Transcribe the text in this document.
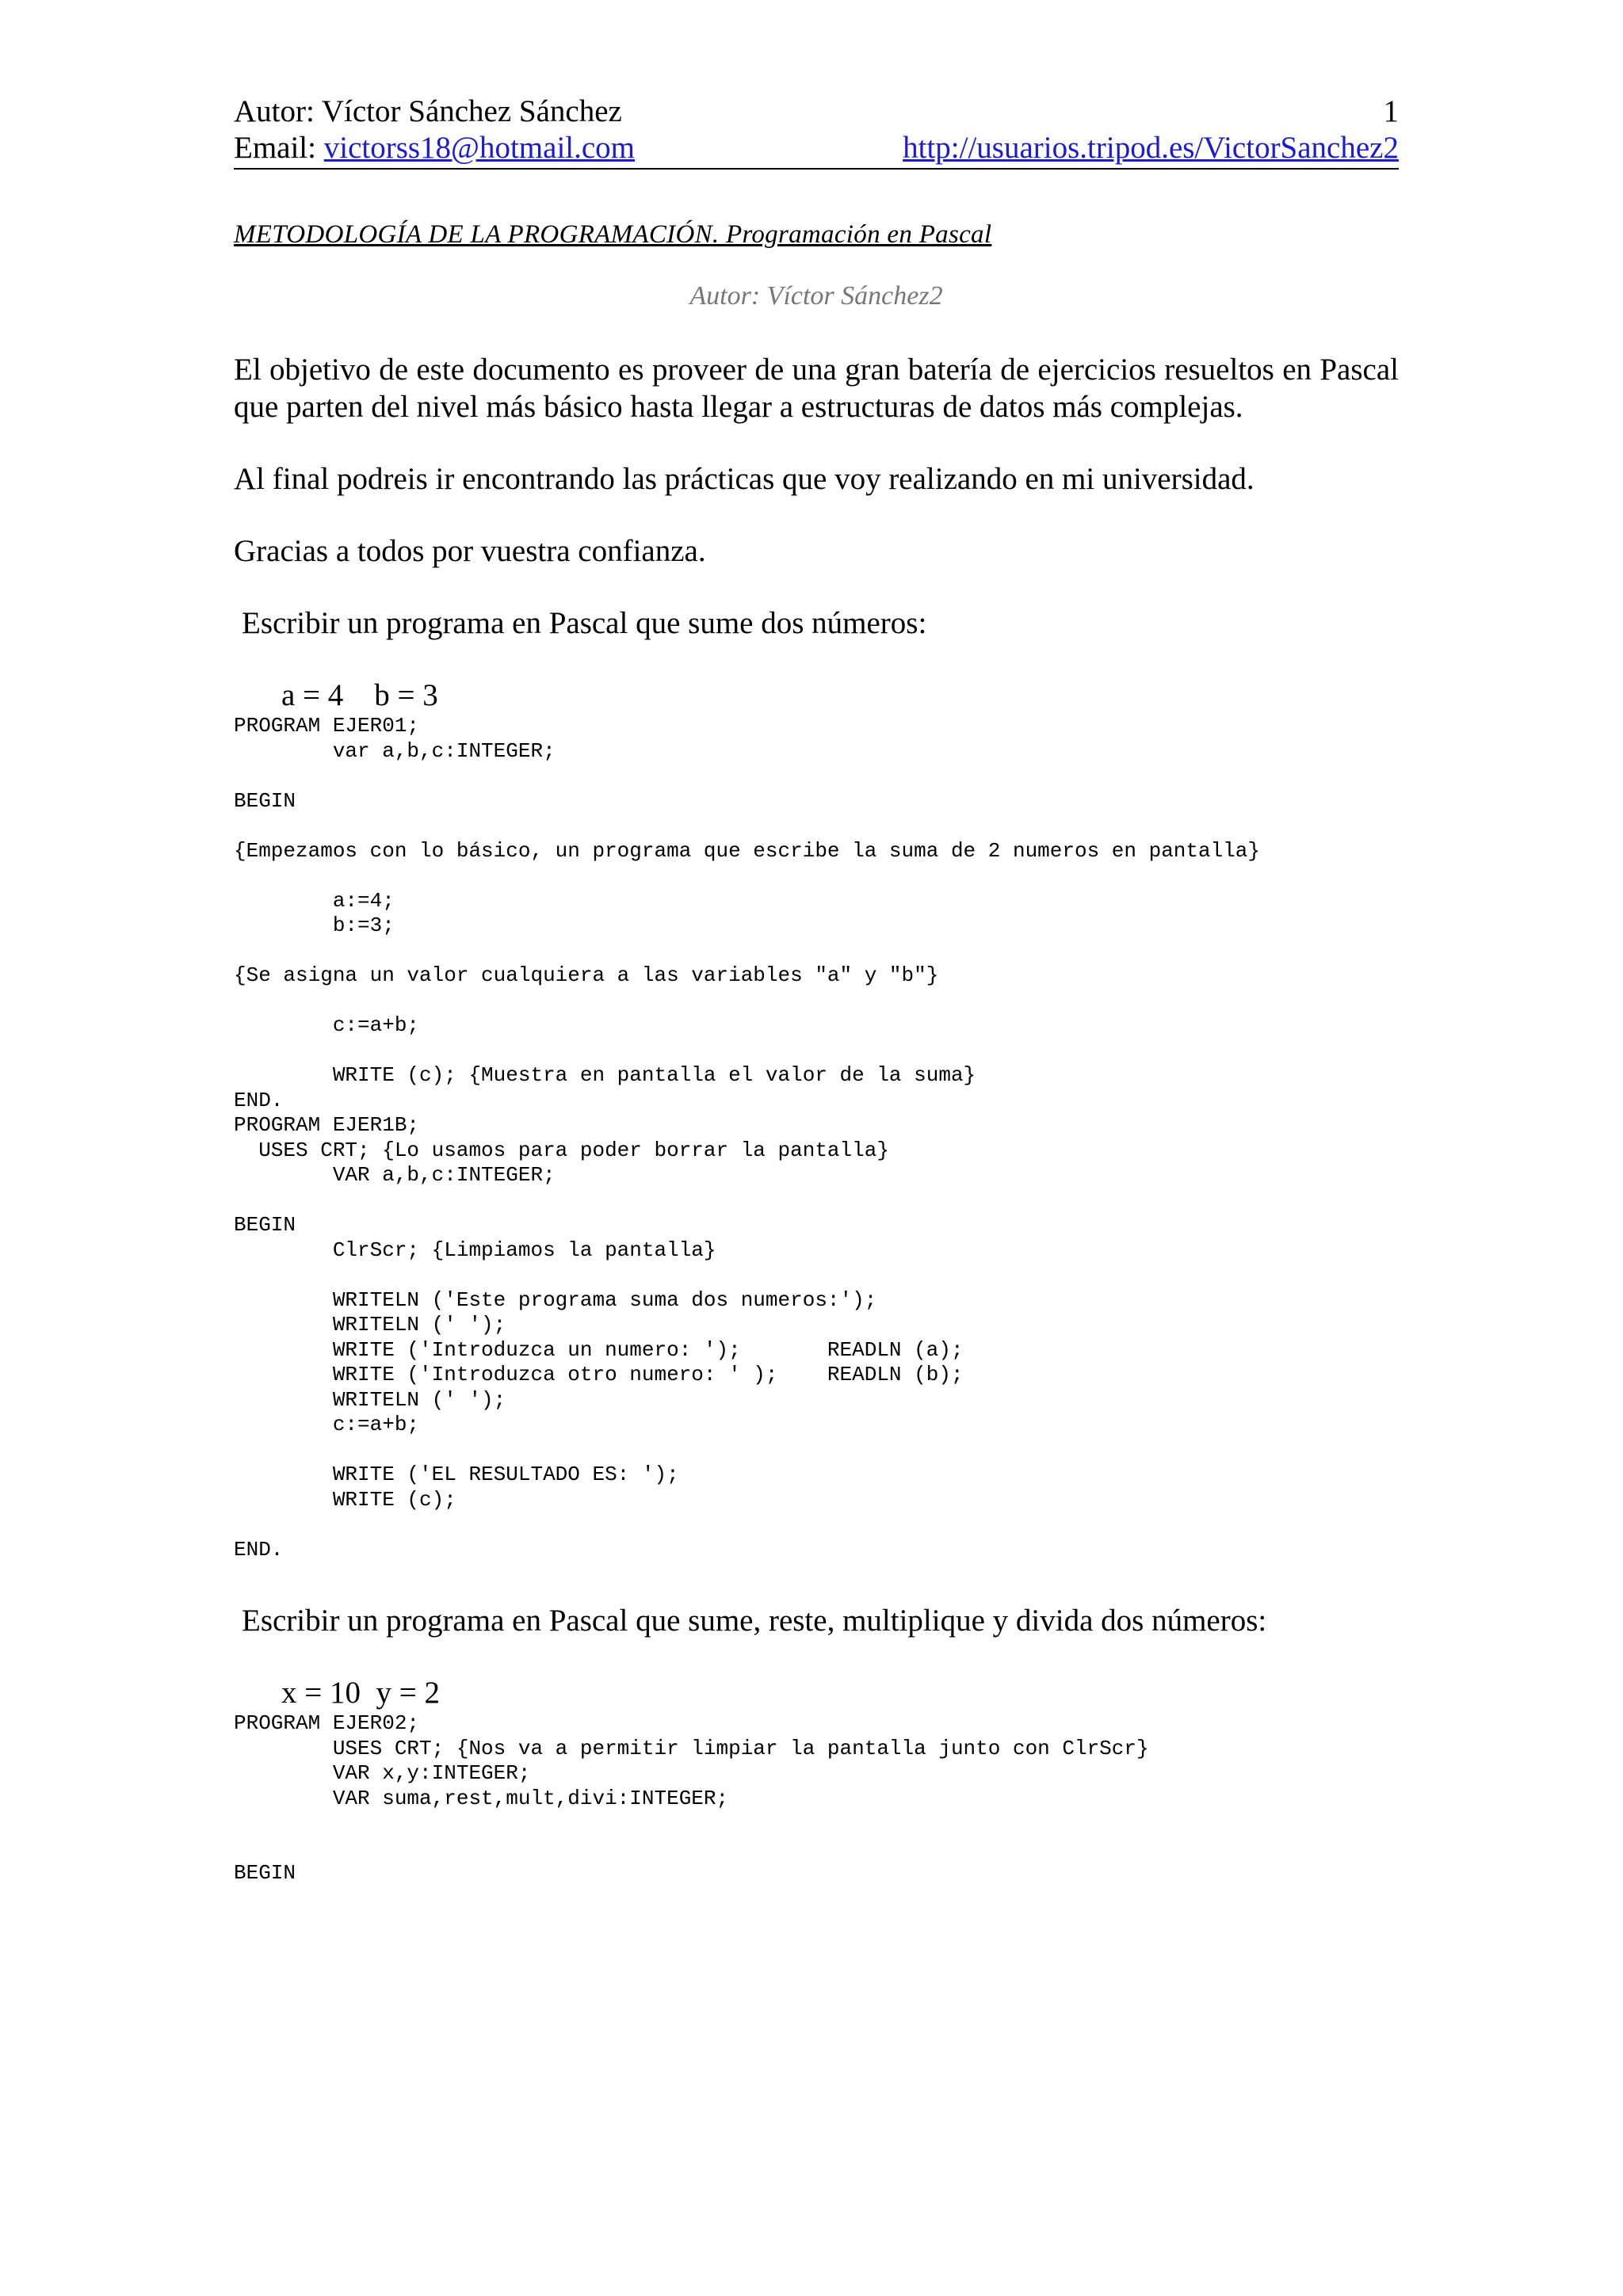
Autor: Víctor Sánchez Sánchez	1
Email: victorss18@hotmail.com	http://usuarios.tripod.es/VictorSanchez2
METODOLOGÍA DE LA PROGRAMACIÓN. Programación en Pascal
Autor: Víctor Sánchez2
El objetivo de este documento es proveer de una gran batería de ejercicios resueltos en Pascal que parten del nivel más básico hasta llegar a estructuras de datos más complejas.
Al final podreis ir encontrando las prácticas que voy realizando en mi universidad.
Gracias a todos por vuestra confianza.
Escribir un programa en Pascal que sume dos números:
a = 4    b = 3
PROGRAM EJER01;
var a,b,c:INTEGER;

BEGIN

{Empezamos con lo básico, un programa que escribe la suma de 2 numeros en pantalla}

a:=4;
b:=3;

{Se asigna un valor cualquiera a las variables "a" y "b"}

c:=a+b;

WRITE (c); {Muestra en pantalla el valor de la suma}
END.
PROGRAM EJER1B;
USES CRT; {Lo usamos para poder borrar la pantalla}
VAR a,b,c:INTEGER;

BEGIN
ClrScr; {Limpiamos la pantalla}

WRITELN ('Este programa suma dos numeros:');
WRITELN (' ');
WRITE ('Introduzca un numero: ');       READLN (a);
WRITE ('Introduzca otro numero: ' );    READLN (b);
WRITELN (' ');
c:=a+b;

WRITE ('EL RESULTADO ES: ');
WRITE (c);

END.
Escribir un programa en Pascal que sume, reste, multiplique y divida dos números:
x = 10  y = 2
PROGRAM EJER02;
USES CRT; {Nos va a permitir limpiar la pantalla junto con ClrScr}
VAR x,y:INTEGER;
VAR suma,rest,mult,divi:INTEGER;

BEGIN
